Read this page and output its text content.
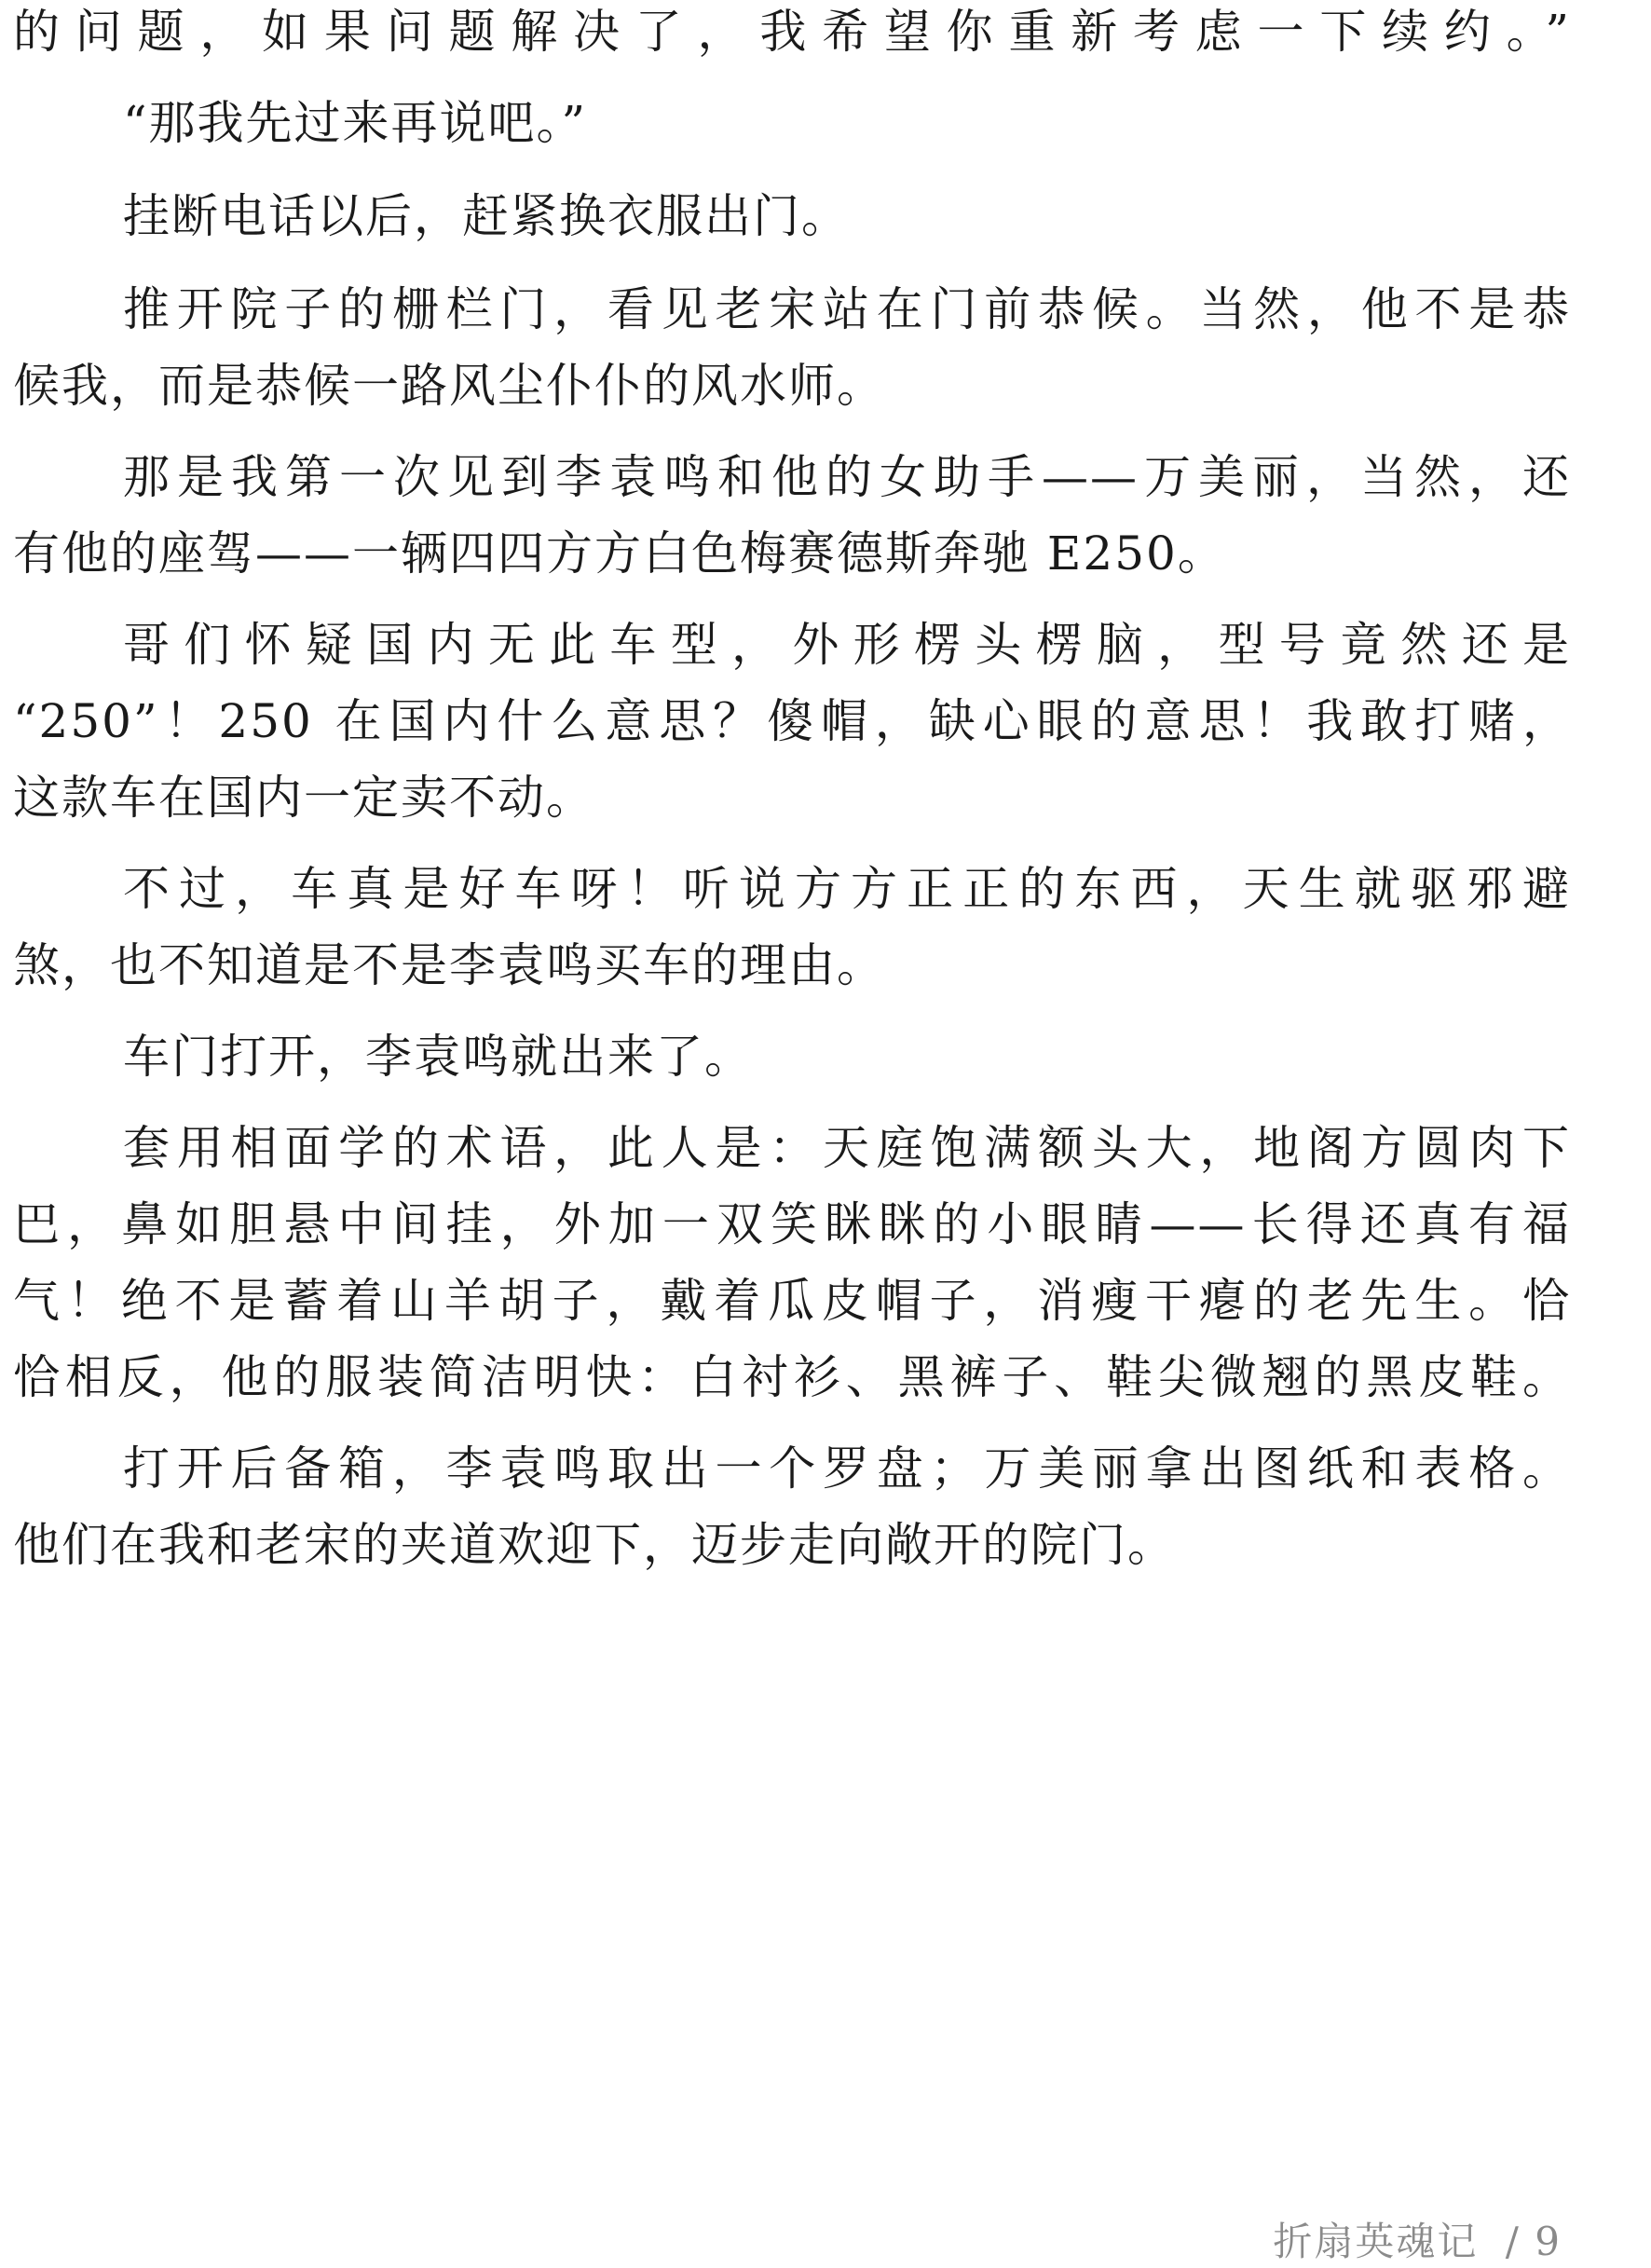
的问题，如果问题解决了，我希望你重新考虑一下续约。”
“那我先过来再说吧。”
挂断电话以后，赶紧换衣服出门。
推开院子的栅栏门，看见老宋站在门前恭候。当然，他不是恭
候我，而是恭候一路风尘仆仆的风水师。
那是我第一次见到李袁鸣和他的女助手——万美丽，当然，还
有他的座驾——一辆四四方方白色梅赛德斯奔驰 E250。
哥们怀疑国内无此车型，外形楞头楞脑，型号竟然还是
“250”！250 在国内什么意思？傻帽，缺心眼的意思！我敢打赌，
这款车在国内一定卖不动。
不过，车真是好车呀！听说方方正正的东西，天生就驱邪避
煞，也不知道是不是李袁鸣买车的理由。
车门打开，李袁鸣就出来了。
套用相面学的术语，此人是：天庭饱满额头大，地阁方圆肉下
巴，鼻如胆悬中间挂，外加一双笑眯眯的小眼睛——长得还真有福
气！绝不是蓄着山羊胡子，戴着瓜皮帽子，消瘦干瘪的老先生。恰
恰相反，他的服装简洁明快：白衬衫、黑裤子、鞋尖微翘的黑皮鞋。
打开后备箱，李袁鸣取出一个罗盘；万美丽拿出图纸和表格。
他们在我和老宋的夹道欢迎下，迈步走向敞开的院门。
折扇英魂记 / 9
